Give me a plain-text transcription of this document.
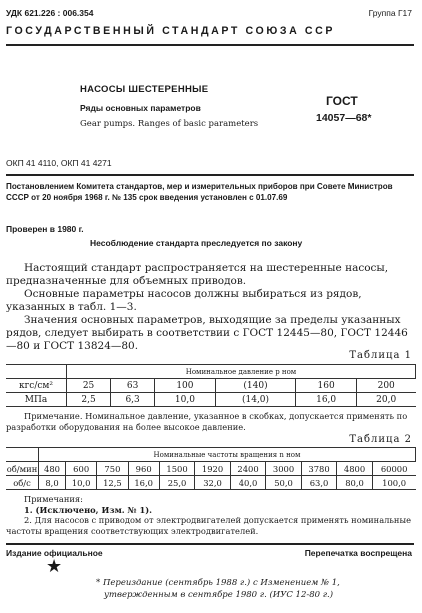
УДК 621.226 : 006.354	Группа Г17
ГОСУДАРСТВЕННЫЙ СТАНДАРТ СОЮЗА ССР
НАСОСЫ ШЕСТЕРЕННЫЕ
Ряды основных параметров
Gear pumps. Ranges of basic parameters
ГОСТ
14057—68*
ОКП 41 4110, ОКП 41 4271
Постановлением Комитета стандартов, мер и измерительных приборов при Совете Министров СССР от 20 ноября 1968 г. № 135 срок введения установлен с 01.07.69
Проверен в 1980 г.
Несоблюдение стандарта преследуется по закону

Настоящий стандарт распространяется на шестеренные насосы, предназначенные для объемных приводов.

Основные параметры насосов должны выбираться из рядов, указанных в табл. 1—3.

Значения основных параметров, выходящие за пределы указанных рядов, следует выбирать в соответствии с ГОСТ 12445—80, ГОСТ 12446—80 и ГОСТ 13824—80.

Таблица 1
	Номинальное давление p ном					
кгс/см²	25	63	100	(140)	160	200
МПа	2,5	6,3	10,0	(14,0)	16,0	20,0

Примечание. Номинальное давление, указанное в скобках, допускается применять по разработки оборудования на более высокое давление.

Таблица 2
	Номинальные частоты вращения n ном										
об/мин	480	600	750	960	1500	1920	2400	3000	3780	4800	60000
об/с	8,0	10,0	12,5	16,0	25,0	32,0	40,0	50,0	63,0	80,0	100,0

Примечания:

1. (Исключено, Изм. № 1).

2. Для насосов с приводом от электродвигателей допускается применять номинальные частоты вращения соответствующих электродвигателей.

Издание официальное	Перепечатка воспрещена
★
* Переиздание (сентябрь 1988 г.) с Изменением № 1,
утвержденным в сентябре 1980 г. (ИУС 12-80 г.)
